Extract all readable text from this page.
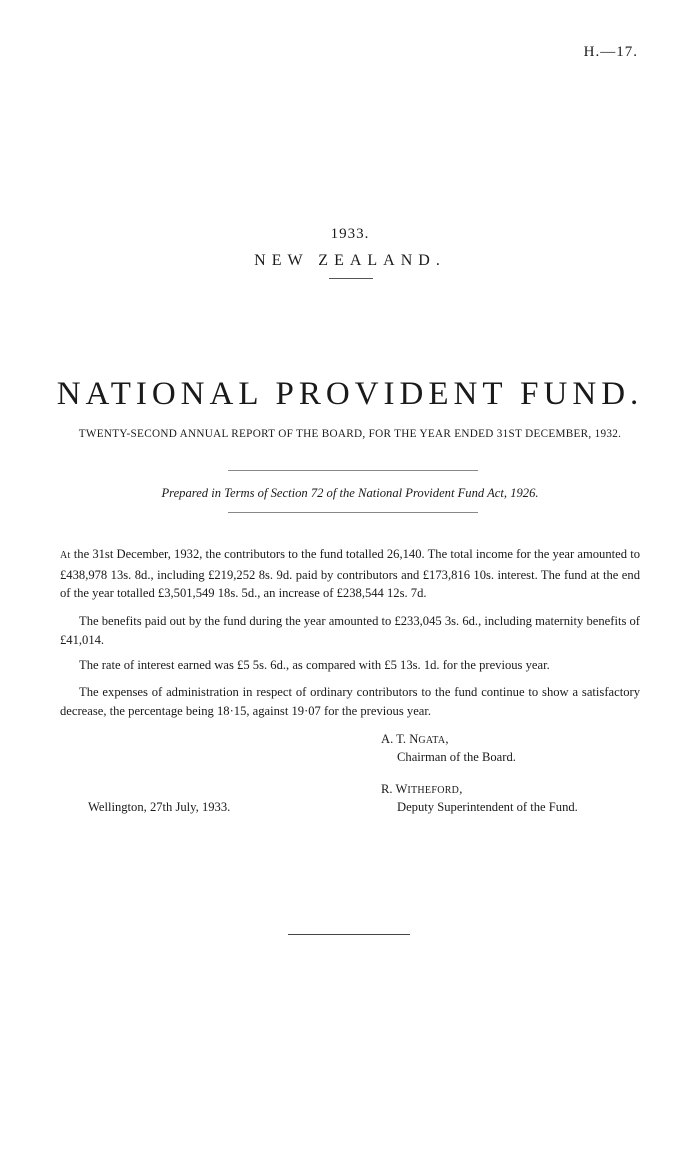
H.—17.
1933.
NEW ZEALAND.
NATIONAL PROVIDENT FUND.
TWENTY-SECOND ANNUAL REPORT OF THE BOARD, FOR THE YEAR ENDED 31ST DECEMBER, 1932.
Prepared in Terms of Section 72 of the National Provident Fund Act, 1926.

At the 31st December, 1932, the contributors to the fund totalled 26,140. The total income for the year amounted to £438,978 13s. 8d., including £219,252 8s. 9d. paid by contributors and £173,816 10s. interest. The fund at the end of the year totalled £3,501,549 18s. 5d., an increase of £238,544 12s. 7d.

The benefits paid out by the fund during the year amounted to £233,045 3s. 6d., including maternity benefits of £41,014.

The rate of interest earned was £5 5s. 6d., as compared with £5 13s. 1d. for the previous year.

The expenses of administration in respect of ordinary contributors to the fund continue to show a satisfactory decrease, the percentage being 18·15, against 19·07 for the previous year.

A. T. NGATA,
Chairman of the Board.
R. WITHEFORD,
Deputy Superintendent of the Fund.
Wellington, 27th July, 1933.
